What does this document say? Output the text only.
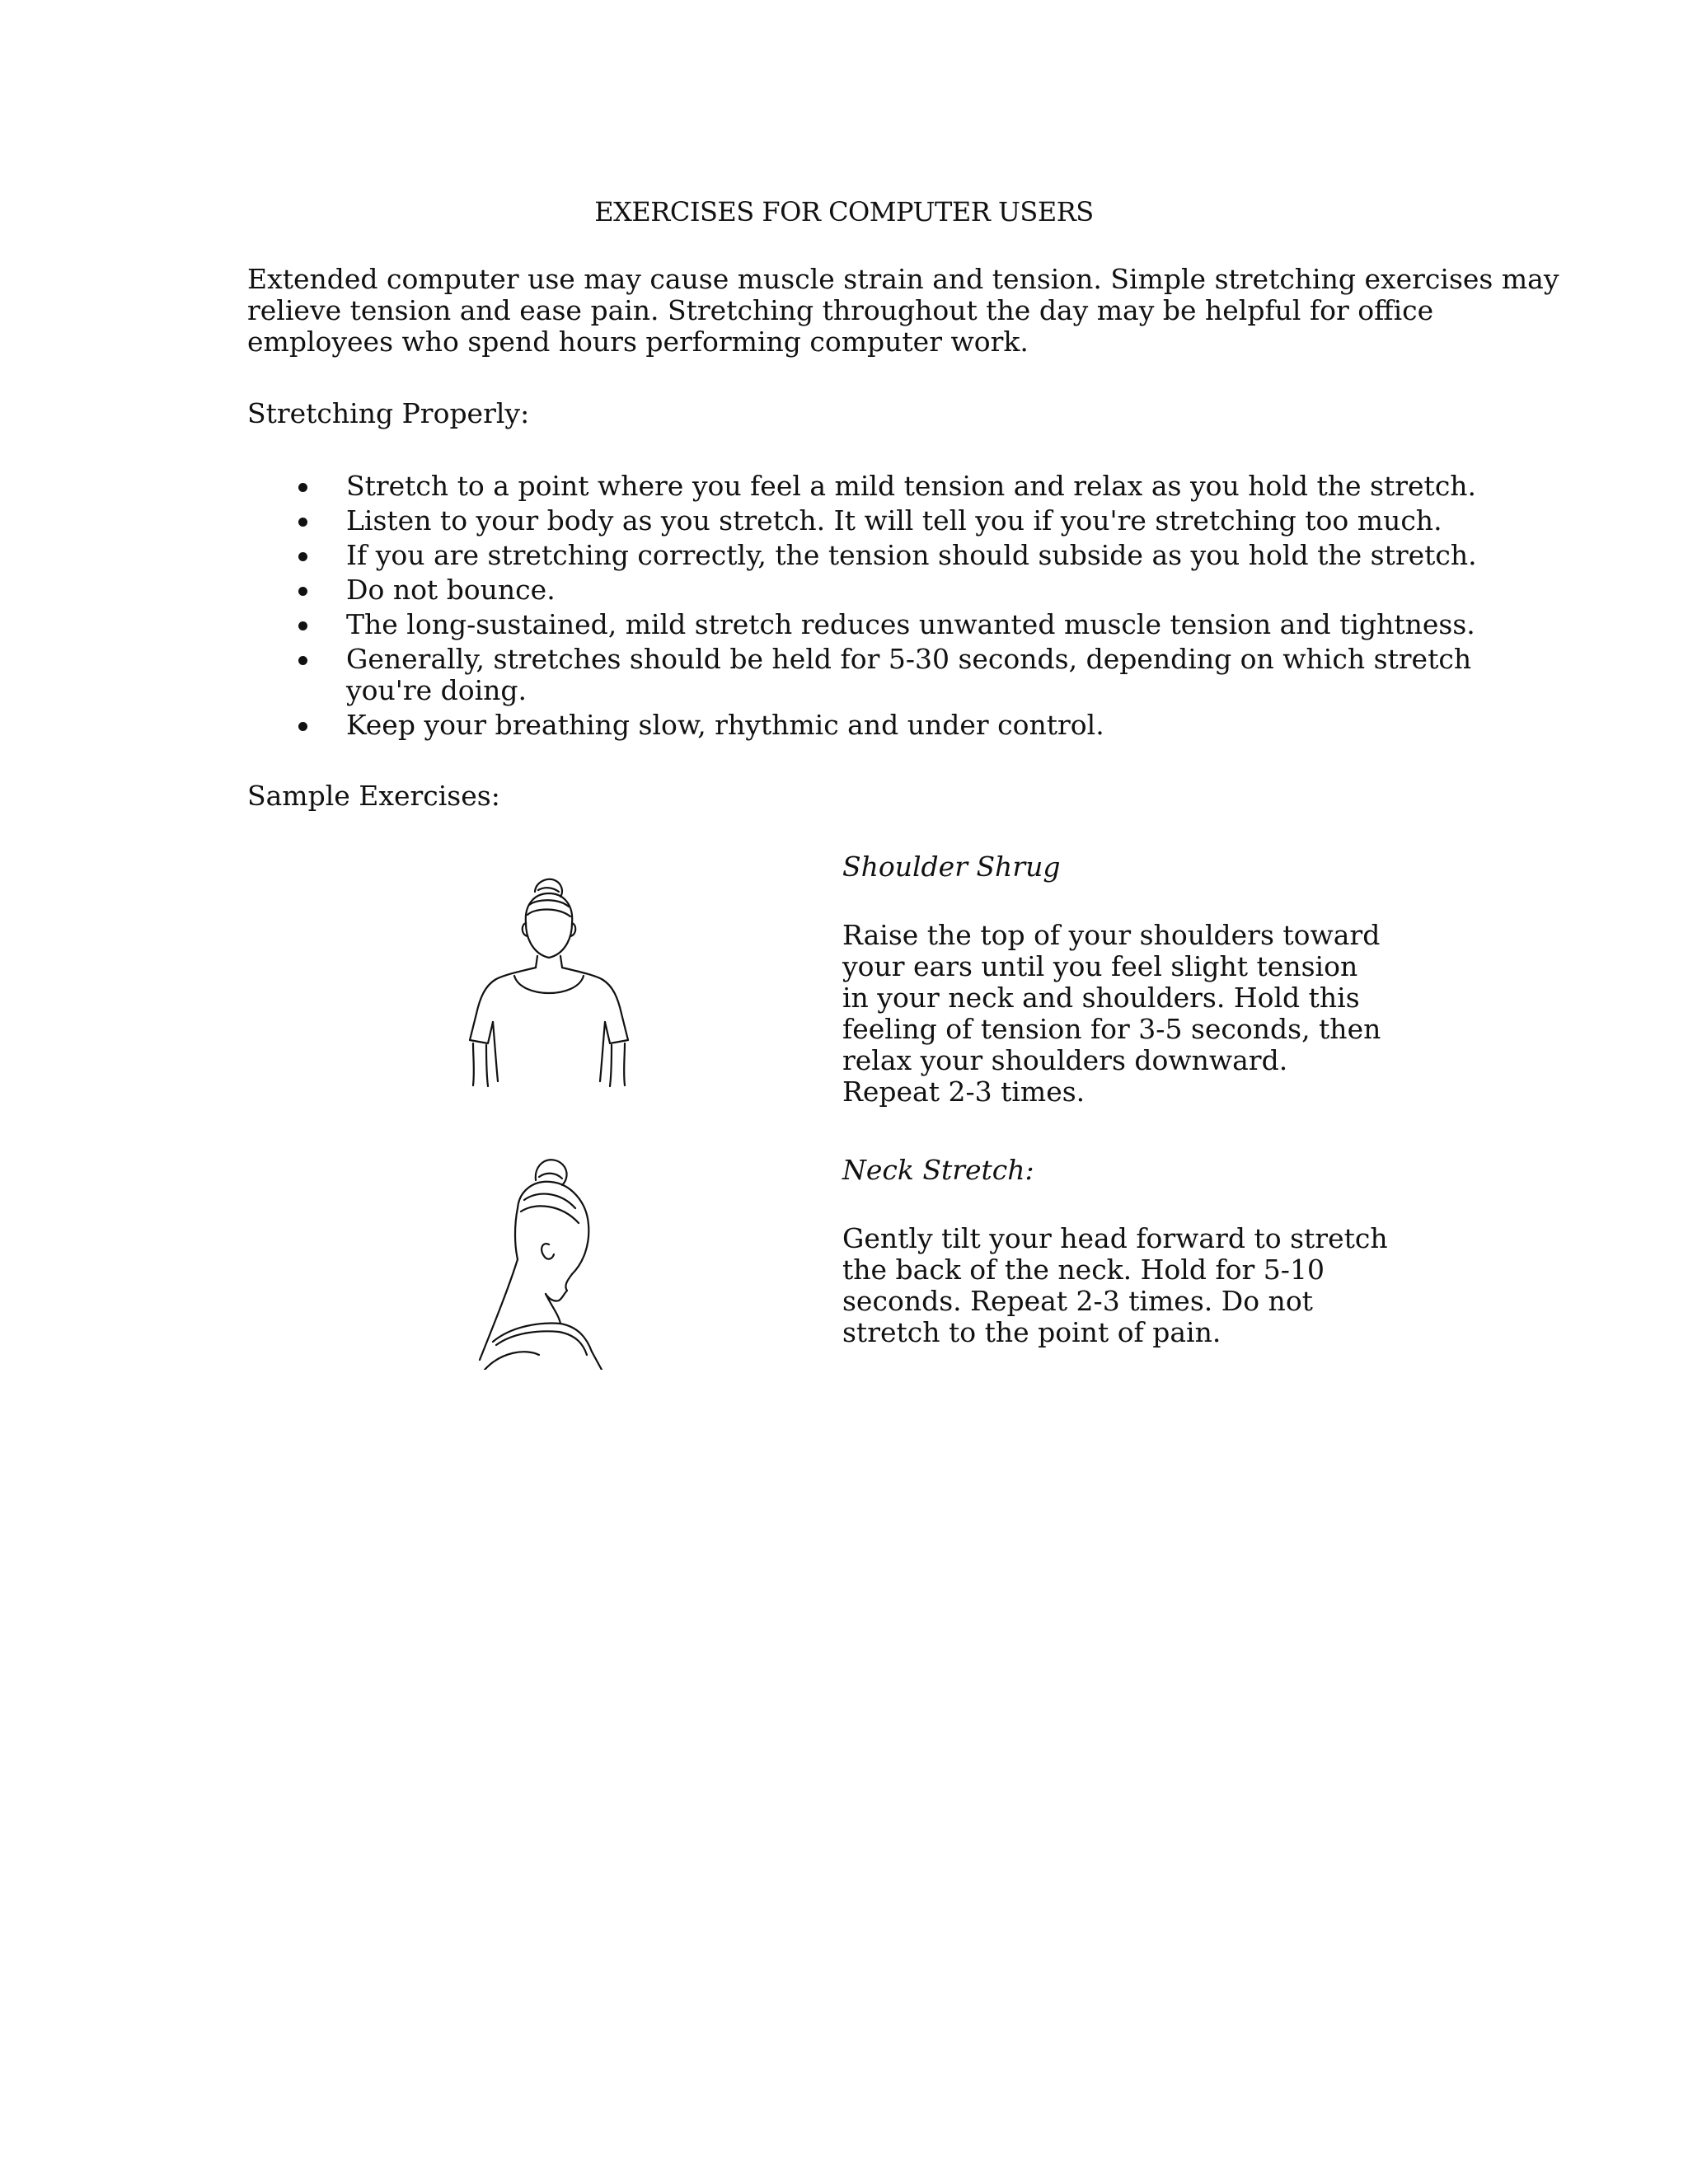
EXERCISES FOR COMPUTER USERS

Extended computer use may cause muscle strain and tension. Simple stretching exercises may
relieve tension and ease pain. Stretching throughout the day may be helpful for office
employees who spend hours performing computer work.

Stretching Properly:
Stretch to a point where you feel a mild tension and relax as you hold the stretch.
Listen to your body as you stretch. It will tell you if you're stretching too much.
If you are stretching correctly, the tension should subside as you hold the stretch.
Do not bounce.
The long-sustained, mild stretch reduces unwanted muscle tension and tightness.
Generally, stretches should be held for 5-30 seconds, depending on which stretch
you're doing.
Keep your breathing slow, rhythmic and under control.
Sample Exercises:
Shoulder Shrug

Raise the top of your shoulders toward
your ears until you feel slight tension
in your neck and shoulders. Hold this
feeling of tension for 3-5 seconds, then
relax your shoulders downward.
Repeat 2-3 times.

Neck Stretch:

Gently tilt your head forward to stretch
the back of the neck. Hold for 5-10
seconds. Repeat 2-3 times. Do not
stretch to the point of pain.
